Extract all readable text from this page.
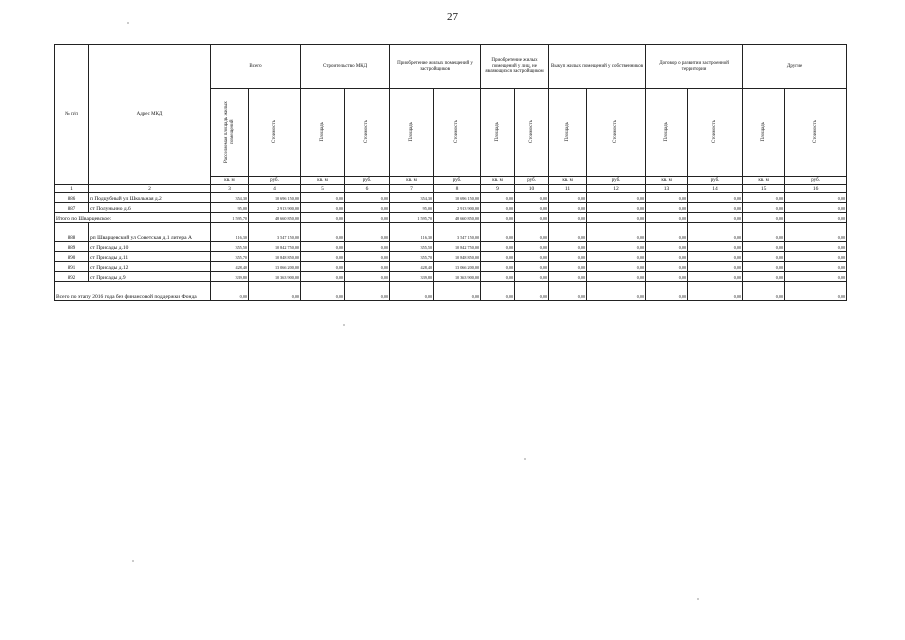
27
№ п/п	Адрес МКД	Всего		Строительство МКД		Приобретение жилых помещений у застройщиков		Приобретение жилых помещений у лиц, не являющихся застройщиком		Выкуп жилых помещений у собственников		Договор о развитии застроенной территории		Другие	
		Расселяемая площадь жилых помещений	Стоимость	Площадь	Стоимость	Площадь	Стоимость	Площадь	Стоимость	Площадь	Стоимость	Площадь	Стоимость	Площадь	Стоимость
		кв. м	руб.	кв. м	руб.	кв. м	руб.	кв. м	руб.	кв. м	руб.	кв. м	руб.	кв. м	руб.
1	2	3	4	5	6	7	8	9	10	11	12	13	14	15	16
886	п Подцубный ул Школьная д.2	354,30	10 696 150,00	0,00	0,00	354,30	10 696 150,00	0,00	0,00	0,00	0,00	0,00	0,00	0,00	0,00
887	ст Полуньино д.6	95,00	2 913 900,00	0,00	0,00	95,00	2 913 900,00	0,00	0,00	0,00	0,00	0,00	0,00	0,00	0,00
Итого по Шварцевское:		1 595,70	48 660 850,00	0,00	0,00	1 595,70	48 660 850,00	0,00	0,00	0,00	0,00	0,00	0,00	0,00	0,00
888	рп Шварцевский ул Советская д.1 литера А	116,30	3 547 150,00	0,00	0,00	116,30	3 547 150,00	0,00	0,00	0,00	0,00	0,00	0,00	0,00	0,00
889	ст Присады д.10	355,50	10 842 750,00	0,00	0,00	355,50	10 842 750,00	0,00	0,00	0,00	0,00	0,00	0,00	0,00	0,00
890	ст Присады д.11	355,70	10 848 850,00	0,00	0,00	355,70	10 848 850,00	0,00	0,00	0,00	0,00	0,00	0,00	0,00	0,00
891	ст Присады д.12	428,40	13 066 200,00	0,00	0,00	428,40	13 066 200,00	0,00	0,00	0,00	0,00	0,00	0,00	0,00	0,00
892	ст Присады д.9	339,80	10 363 900,00	0,00	0,00	339,80	10 363 900,00	0,00	0,00	0,00	0,00	0,00	0,00	0,00	0,00
Всего по этапу 2016 года без финансовой поддержки Фонда		0,00	0,00	0,00	0,00	0,00	0,00	0,00	0,00	0,00	0,00	0,00	0,00	0,00	0,00
